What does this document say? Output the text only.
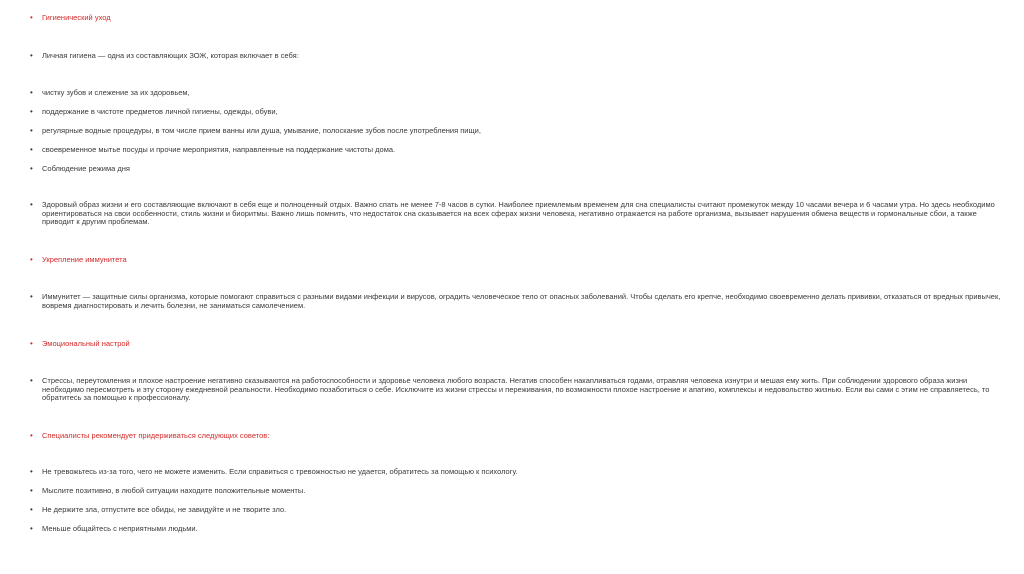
•	Гигиенический уход
•	Личная гигиена — одна из составляющих ЗОЖ, которая включает в себя:
•	чистку зубов и слежение за их здоровьем,
•	поддержание в чистоте предметов личной гигиены, одежды, обуви,
•	регулярные водные процедуры, в том числе прием ванны или душа, умывание, полоскание зубов после употребления пищи,
•	своевременное мытье посуды и прочие мероприятия, направленные на поддержание чистоты дома.
•	Соблюдение режима дня
•	Здоровый образ жизни и его составляющие включают в себя еще и полноценный отдых. Важно спать не менее 7-8 часов в сутки. Наиболее приемлемым временем для сна специалисты считают промежуток между 10 часами вечера и 6 часами утра. Но здесь необходимо ориентироваться на свои особенности, стиль жизни и биоритмы. Важно лишь помнить, что недостаток сна сказывается на всех сферах жизни человека, негативно отражается на работе организма, вызывает нарушения обмена веществ и гормональные сбои, а также приводит к другим проблемам.
•	Укрепление иммунитета
•	Иммунитет — защитные силы организма, которые помогают справиться с разными видами инфекции и вирусов, оградить человеческое тело от опасных заболеваний. Чтобы сделать его крепче, необходимо своевременно делать прививки, отказаться от вредных привычек, вовремя диагностировать и лечить болезни, не заниматься самолечением.
•	Эмоциональный настрой
•	Стрессы, переутомления и плохое настроение негативно сказываются на работоспособности и здоровье человека любого возраста. Негатив способен накапливаться годами, отравляя человека изнутри и мешая ему жить. При соблюдении здорового образа жизни необходимо пересмотреть и эту сторону ежедневной реальности. Необходимо позаботиться о себе. Исключите из жизни стрессы и переживания, по возможности плохое настроение и апатию, комплексы и недовольство жизнью. Если вы сами с этим не справляетесь, то обратитесь за помощью к профессионалу.
•	Специалисты рекомендует придерживаться следующих советов:
•	Не тревожьтесь из-за того, чего не можете изменить. Если справиться с тревожностью не удается, обратитесь за помощью к психологу.
•	Мыслите позитивно, в любой ситуации находите положительные моменты.
•	Не держите зла, отпустите все обиды, не завидуйте и не творите зло.
•	Меньше общайтесь с неприятными людьми.
